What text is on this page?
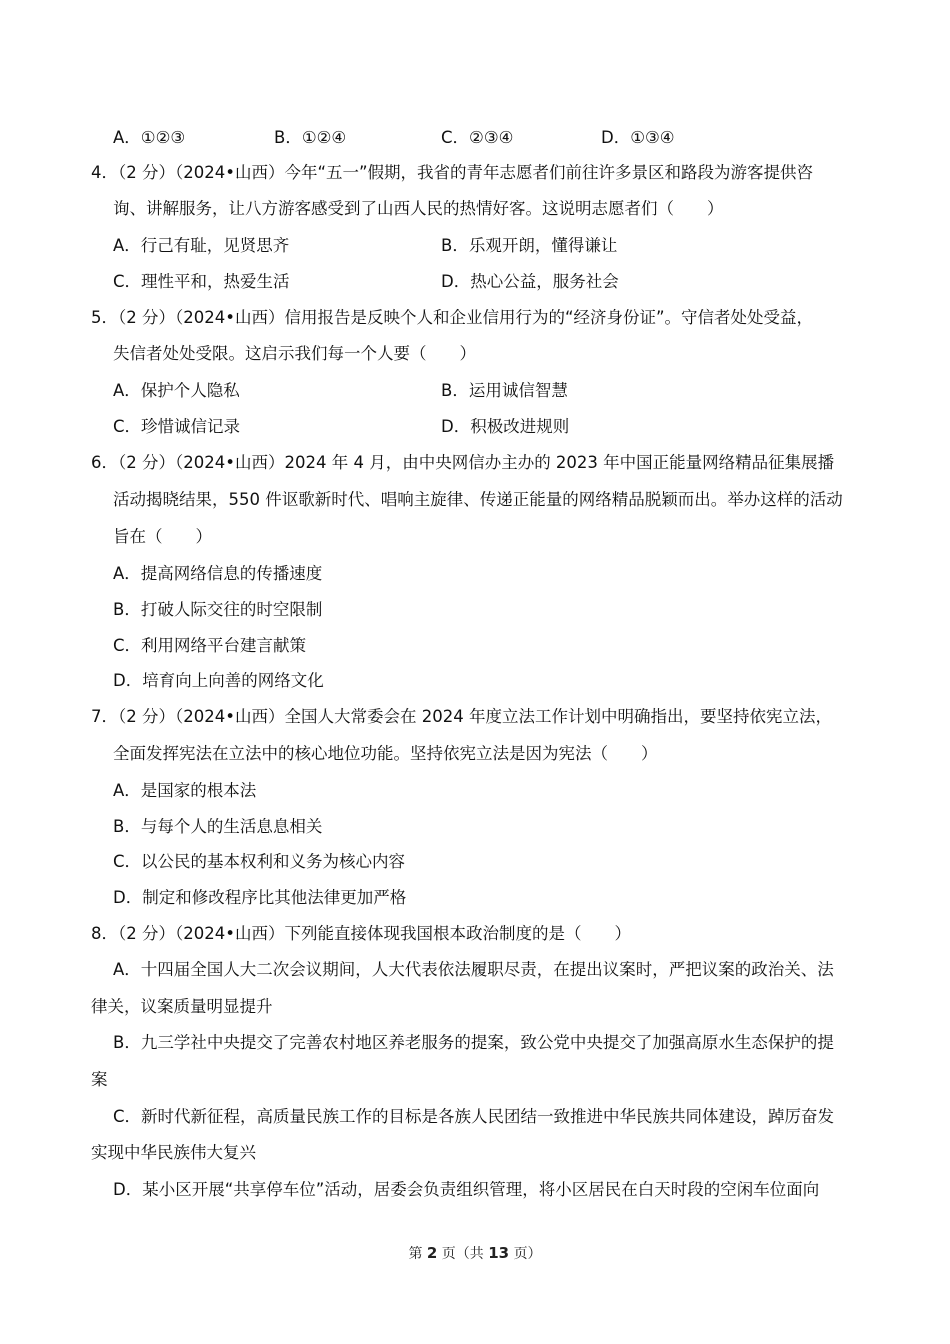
A．①②③	B．①②④	C．②③④	D．①③④
4．（2 分）（2024•山西）今年“五一”假期，我省的青年志愿者们前往许多景区和路段为游客提供咨
询、讲解服务，让八方游客感受到了山西人民的热情好客。这说明志愿者们（　　）
A．行己有耻，见贤思齐	B．乐观开朗，懂得谦让
C．理性平和，热爱生活	D．热心公益，服务社会
5．（2 分）（2024•山西）信用报告是反映个人和企业信用行为的“经济身份证”。守信者处处受益，
失信者处处受限。这启示我们每一个人要（　　）
A．保护个人隐私	B．运用诚信智慧
C．珍惜诚信记录	D．积极改进规则
6．（2 分）（2024•山西）2024 年 4 月，由中央网信办主办的 2023 年中国正能量网络精品征集展播
活动揭晓结果，550 件讴歌新时代、唱响主旋律、传递正能量的网络精品脱颖而出。举办这样的活动
旨在（　　）
A．提高网络信息的传播速度
B．打破人际交往的时空限制
C．利用网络平台建言献策
D．培育向上向善的网络文化
7．（2 分）（2024•山西）全国人大常委会在 2024 年度立法工作计划中明确指出，要坚持依宪立法，
全面发挥宪法在立法中的核心地位功能。坚持依宪立法是因为宪法（　　）
A．是国家的根本法
B．与每个人的生活息息相关
C．以公民的基本权利和义务为核心内容
D．制定和修改程序比其他法律更加严格
8．（2 分）（2024•山西）下列能直接体现我国根本政治制度的是（　　）
A．十四届全国人大二次会议期间，人大代表依法履职尽责，在提出议案时，严把议案的政治关、法
律关，议案质量明显提升
B．九三学社中央提交了完善农村地区养老服务的提案，致公党中央提交了加强高原水生态保护的提
案
C．新时代新征程，高质量民族工作的目标是各族人民团结一致推进中华民族共同体建设，踔厉奋发
实现中华民族伟大复兴
D．某小区开展“共享停车位”活动，居委会负责组织管理，将小区居民在白天时段的空闲车位面向
第 2 页（共 13 页）
